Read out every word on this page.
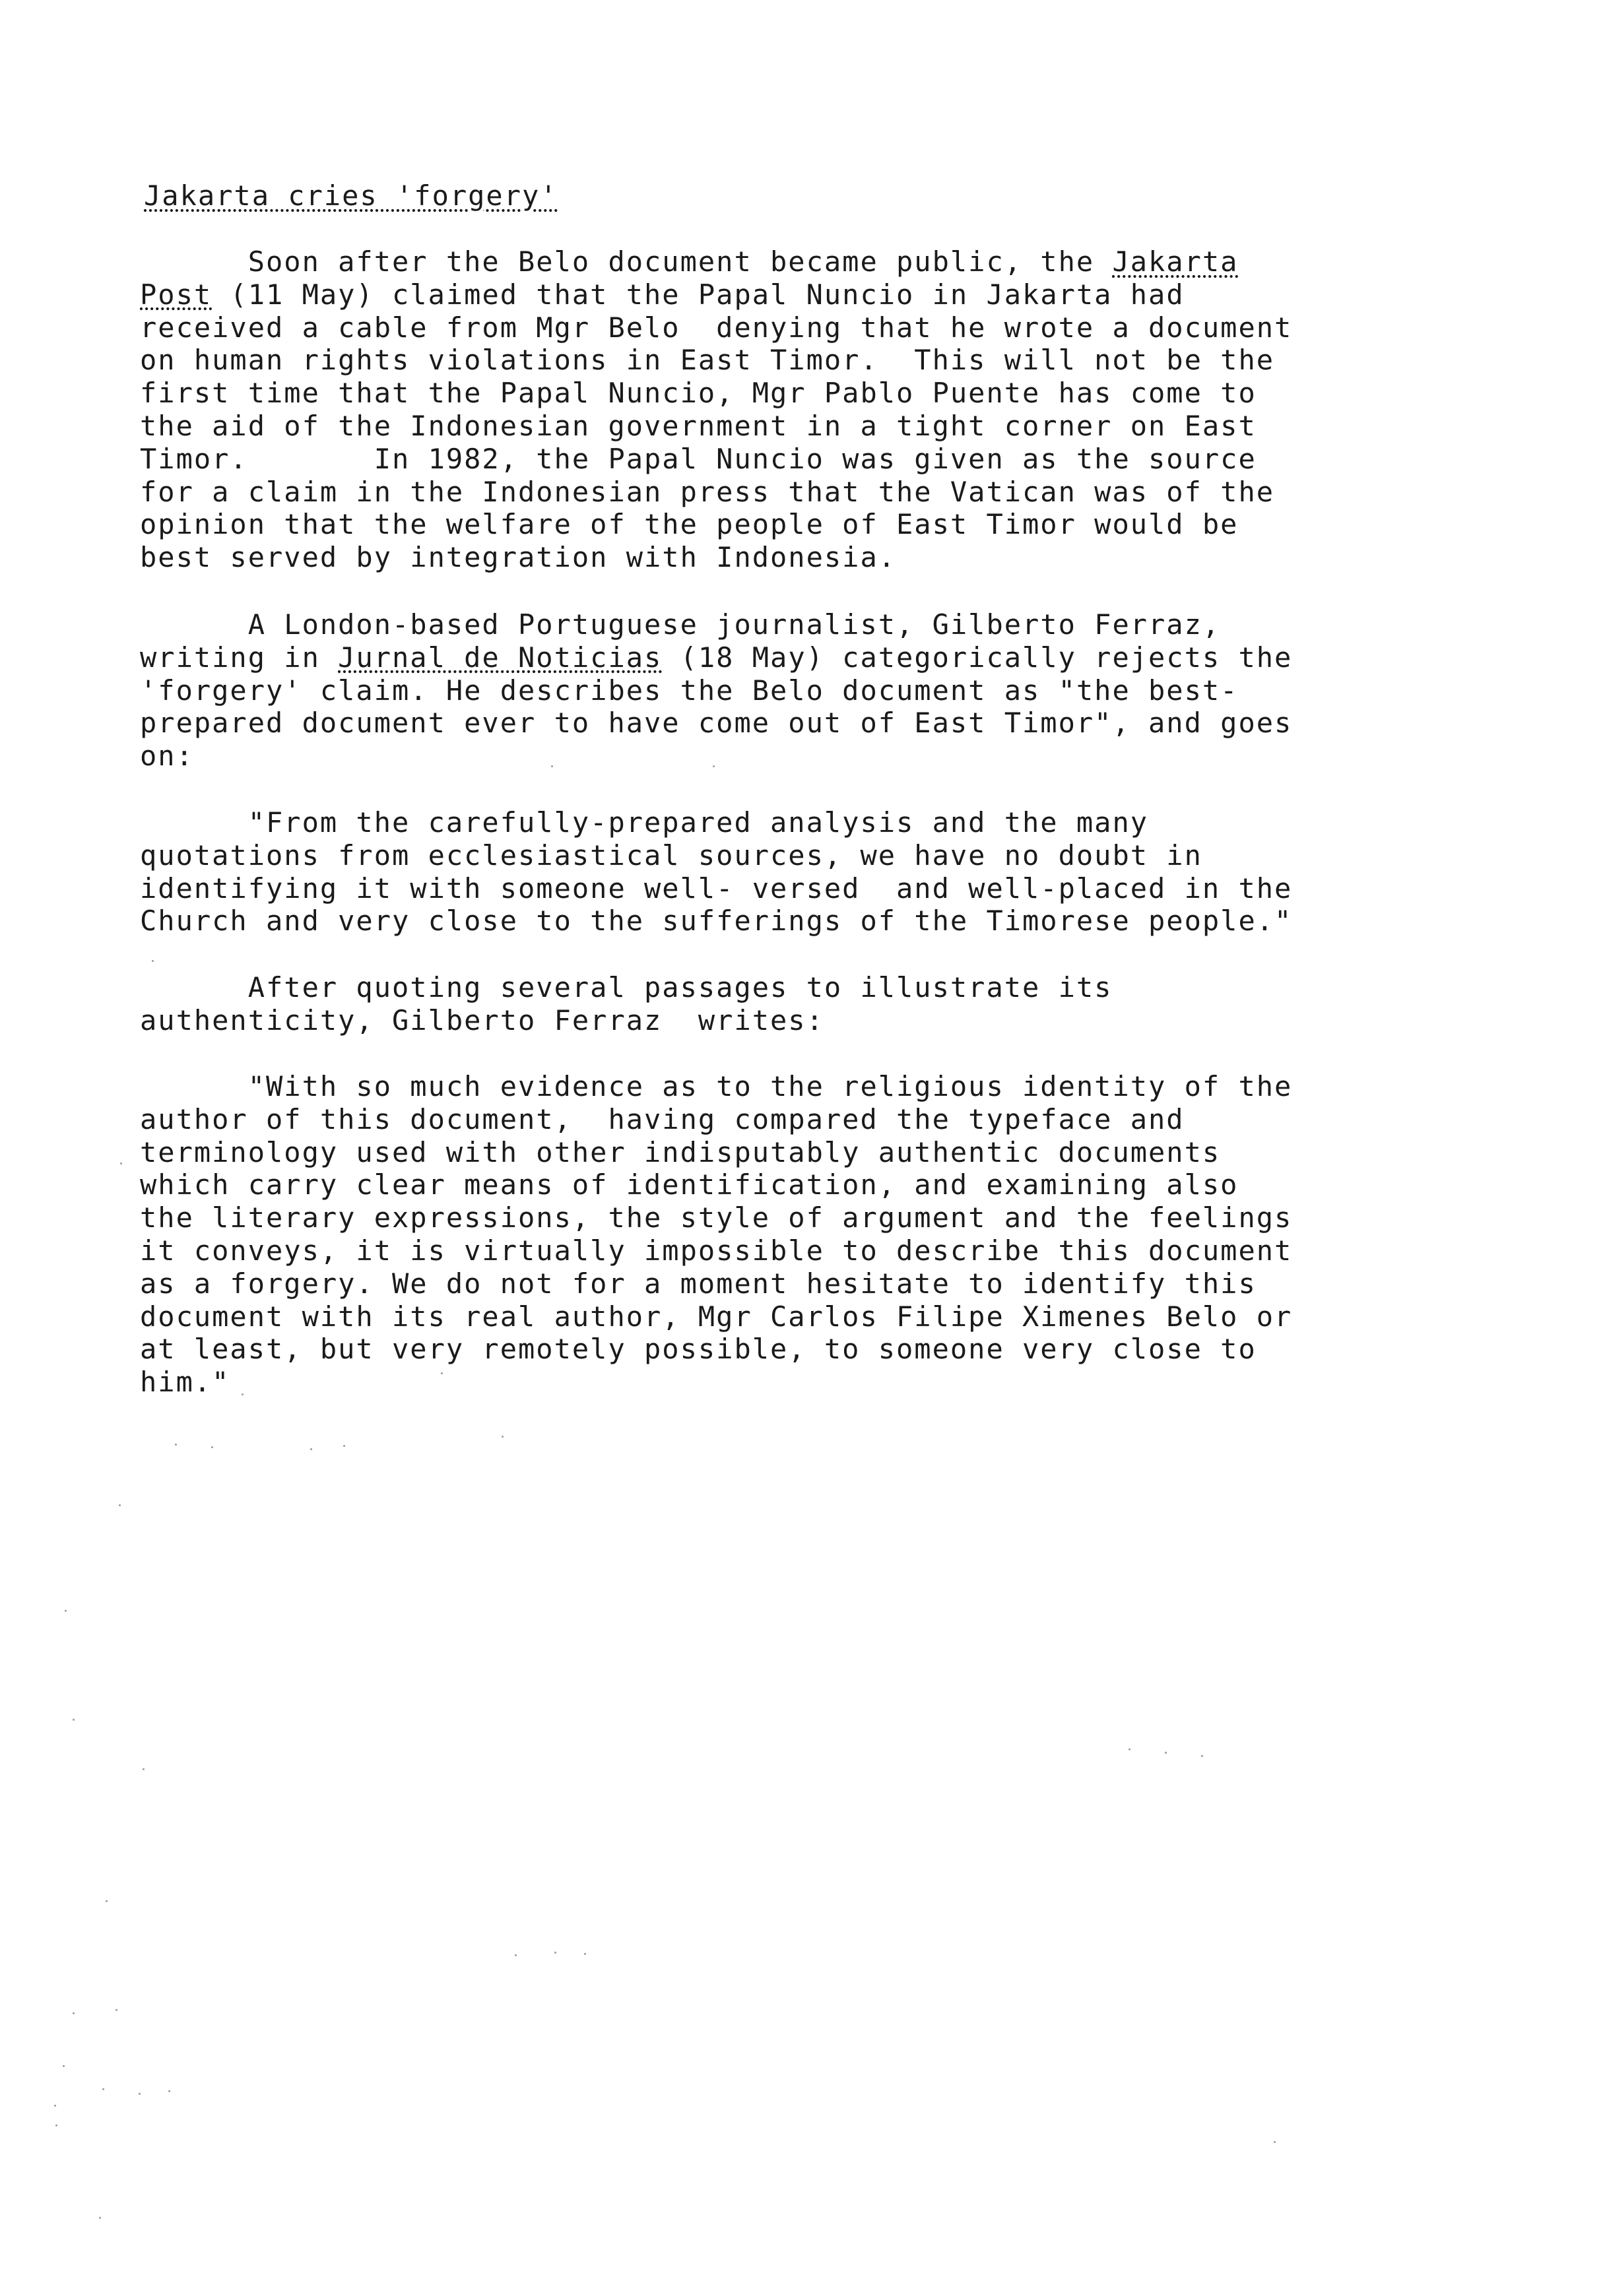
Jakarta cries 'forgery'
Soon after the Belo document became public, the Jakarta
Post (11 May) claimed that the Papal Nuncio in Jakarta had
received a cable from Mgr Belo  denying that he wrote a document
on human rights violations in East Timor.  This will not be the
first time that the Papal Nuncio, Mgr Pablo Puente has come to
the aid of the Indonesian government in a tight corner on East
Timor.       In 1982, the Papal Nuncio was given as the source
for a claim in the Indonesian press that the Vatican was of the
opinion that the welfare of the people of East Timor would be
best served by integration with Indonesia.
A London-based Portuguese journalist, Gilberto Ferraz,
writing in Jurnal de Noticias (18 May) categorically rejects the
'forgery' claim. He describes the Belo document as "the best-
prepared document ever to have come out of East Timor", and goes
on:
"From the carefully-prepared analysis and the many
quotations from ecclesiastical sources, we have no doubt in
identifying it with someone well- versed  and well-placed in the
Church and very close to the sufferings of the Timorese people."
After quoting several passages to illustrate its
authenticity, Gilberto Ferraz  writes:
"With so much evidence as to the religious identity of the
author of this document,  having compared the typeface and
terminology used with other indisputably authentic documents
which carry clear means of identification, and examining also
the literary expressions, the style of argument and the feelings
it conveys, it is virtually impossible to describe this document
as a forgery. We do not for a moment hesitate to identify this
document with its real author, Mgr Carlos Filipe Ximenes Belo or
at least, but very remotely possible, to someone very close to
him."
